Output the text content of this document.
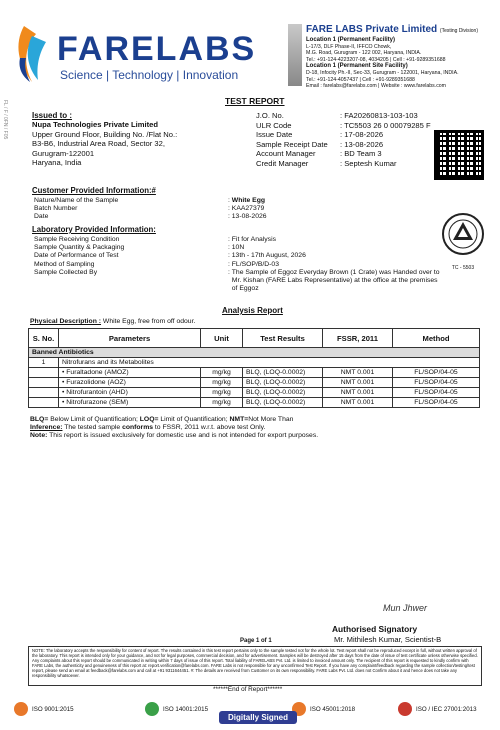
FARELABS
Science | Technology | Innovation
FARE LABS Private Limited (Testing Division)
Location 1 (Permanent Facility)
L-17/3, DLF Phase-II, IFFCO Chowk,
M.G. Road, Gurugram - 122 002, Haryana, INDIA.
Tel.: +91-124-4223207-08, 4034205 | Cell : +91-9289351688
Location 1 (Permanent Site Facility)
D-18, Infocity Ph.-II, Sec-33, Gurugram - 122001, Haryana, INDIA.
Tel.: +91-124-4057437 | Cell : +91-9289351688
Email : farelabs@farelabs.com | Website : www.farelabs.com
FL / F / 0FN / F05	TEST REPORT
Issued to :
Nupa Technologies Private Limited
Upper Ground Floor, Building No. /Flat No.:
B3-B6, Industrial Area Road, Sector 32,
Gurugram-122001
Haryana, India
J.O. No.	: FA20260813-103-103
ULR Code	: TC5503 26 0 00079285 F
Issue Date	: 17-08-2026
Sample Receipt Date	: 13-08-2026
Account Manager	: BD Team 3
Credit Manager	: Septesh Kumar
Customer Provided Information:#
Nature/Name of the Sample	: White Egg
Batch Number	: KAA27379
Date	: 13-08-2026
Laboratory Provided Information:
Sample Receiving Condition	: Fit for Analysis
Sample Quantity & Packaging	: 10N
Date of Performance of Test	: 13th - 17th August, 2026
Method of Sampling	: FL/SOP/B/D-03
Sample Collected By	: The Sample of Eggoz Everyday Brown (1 Crate) was Handed over to Mr. Kishan (FARE Labs Representative) at the office at the premises of Eggoz
TC - 5503
Analysis Report
Physical Description : White Egg, free from off odour.
S. No.	Parameters	Unit	Test Results	FSSR, 2011	Method
Banned Antibiotics					
1	Nitrofurans and its Metabolites				
	• Furaltadone (AMOZ)	mg/kg	BLQ, (LOQ-0.0002)	NMT 0.001	FL/SOP/04-05
	• Furazolidone (AOZ)	mg/kg	BLQ, (LOQ-0.0002)	NMT 0.001	FL/SOP/04-05
	• Nitrofurantoin (AHD)	mg/kg	BLQ, (LOQ-0.0002)	NMT 0.001	FL/SOP/04-05
	• Nitrofurazone (SEM)	mg/kg	BLQ, (LOQ-0.0002)	NMT 0.001	FL/SOP/04-05
BLQ= Below Limit of Quantification; LOQ= Limit of Quantification; NMT=Not More Than
Inference: The tested sample conforms to FSSR, 2011 w.r.t. above test Only.
Note: This report is issued exclusively for domestic use and is not intended for export purposes.
Mun Jhwer
Authorised Signatory
Mr. Mithilesh Kumar, Scientist-B
Page 1 of 1
NOTE: The laboratory accepts the responsibility for content of report. The results contained in this test report pertains only to the sample tested not for the whole lot. Test report shall not be reproduced except in full, without written approval of the laboratory. This report is intended only for your guidance, and not for legal purposes, commercial decision, and for advertisement. Samples will be destroyed after 15 days from the date of issue of test certificate unless otherwise specified. Any complaints about this report should be communicated in writing within 7 days of issue of this report. Total liability of FARELABS Pvt. Ltd. is limited to invoiced amount only. The recipient of this report is requested to kindly confirm with FARE Labs, the authenticity and genuineness of this report at: report.verification@farelabs.com. FARE Labs is not responsible for any unconfirmed Test Report. If you have any complaint/feedback regarding the sample collection/testing/test report, please send an email at feedback@farelabs.com and call at +91 9311644451. #: The details are received from Customer on its own responsibility. FARE Labs Pvt. Ltd. does not Confirm about it and hence does not take any responsibility whatsoever.
******End of Report******
ISO 9001:2015	ISO 14001:2015	ISO 45001:2018	ISO / IEC 27001:2013
Digitally Signed
